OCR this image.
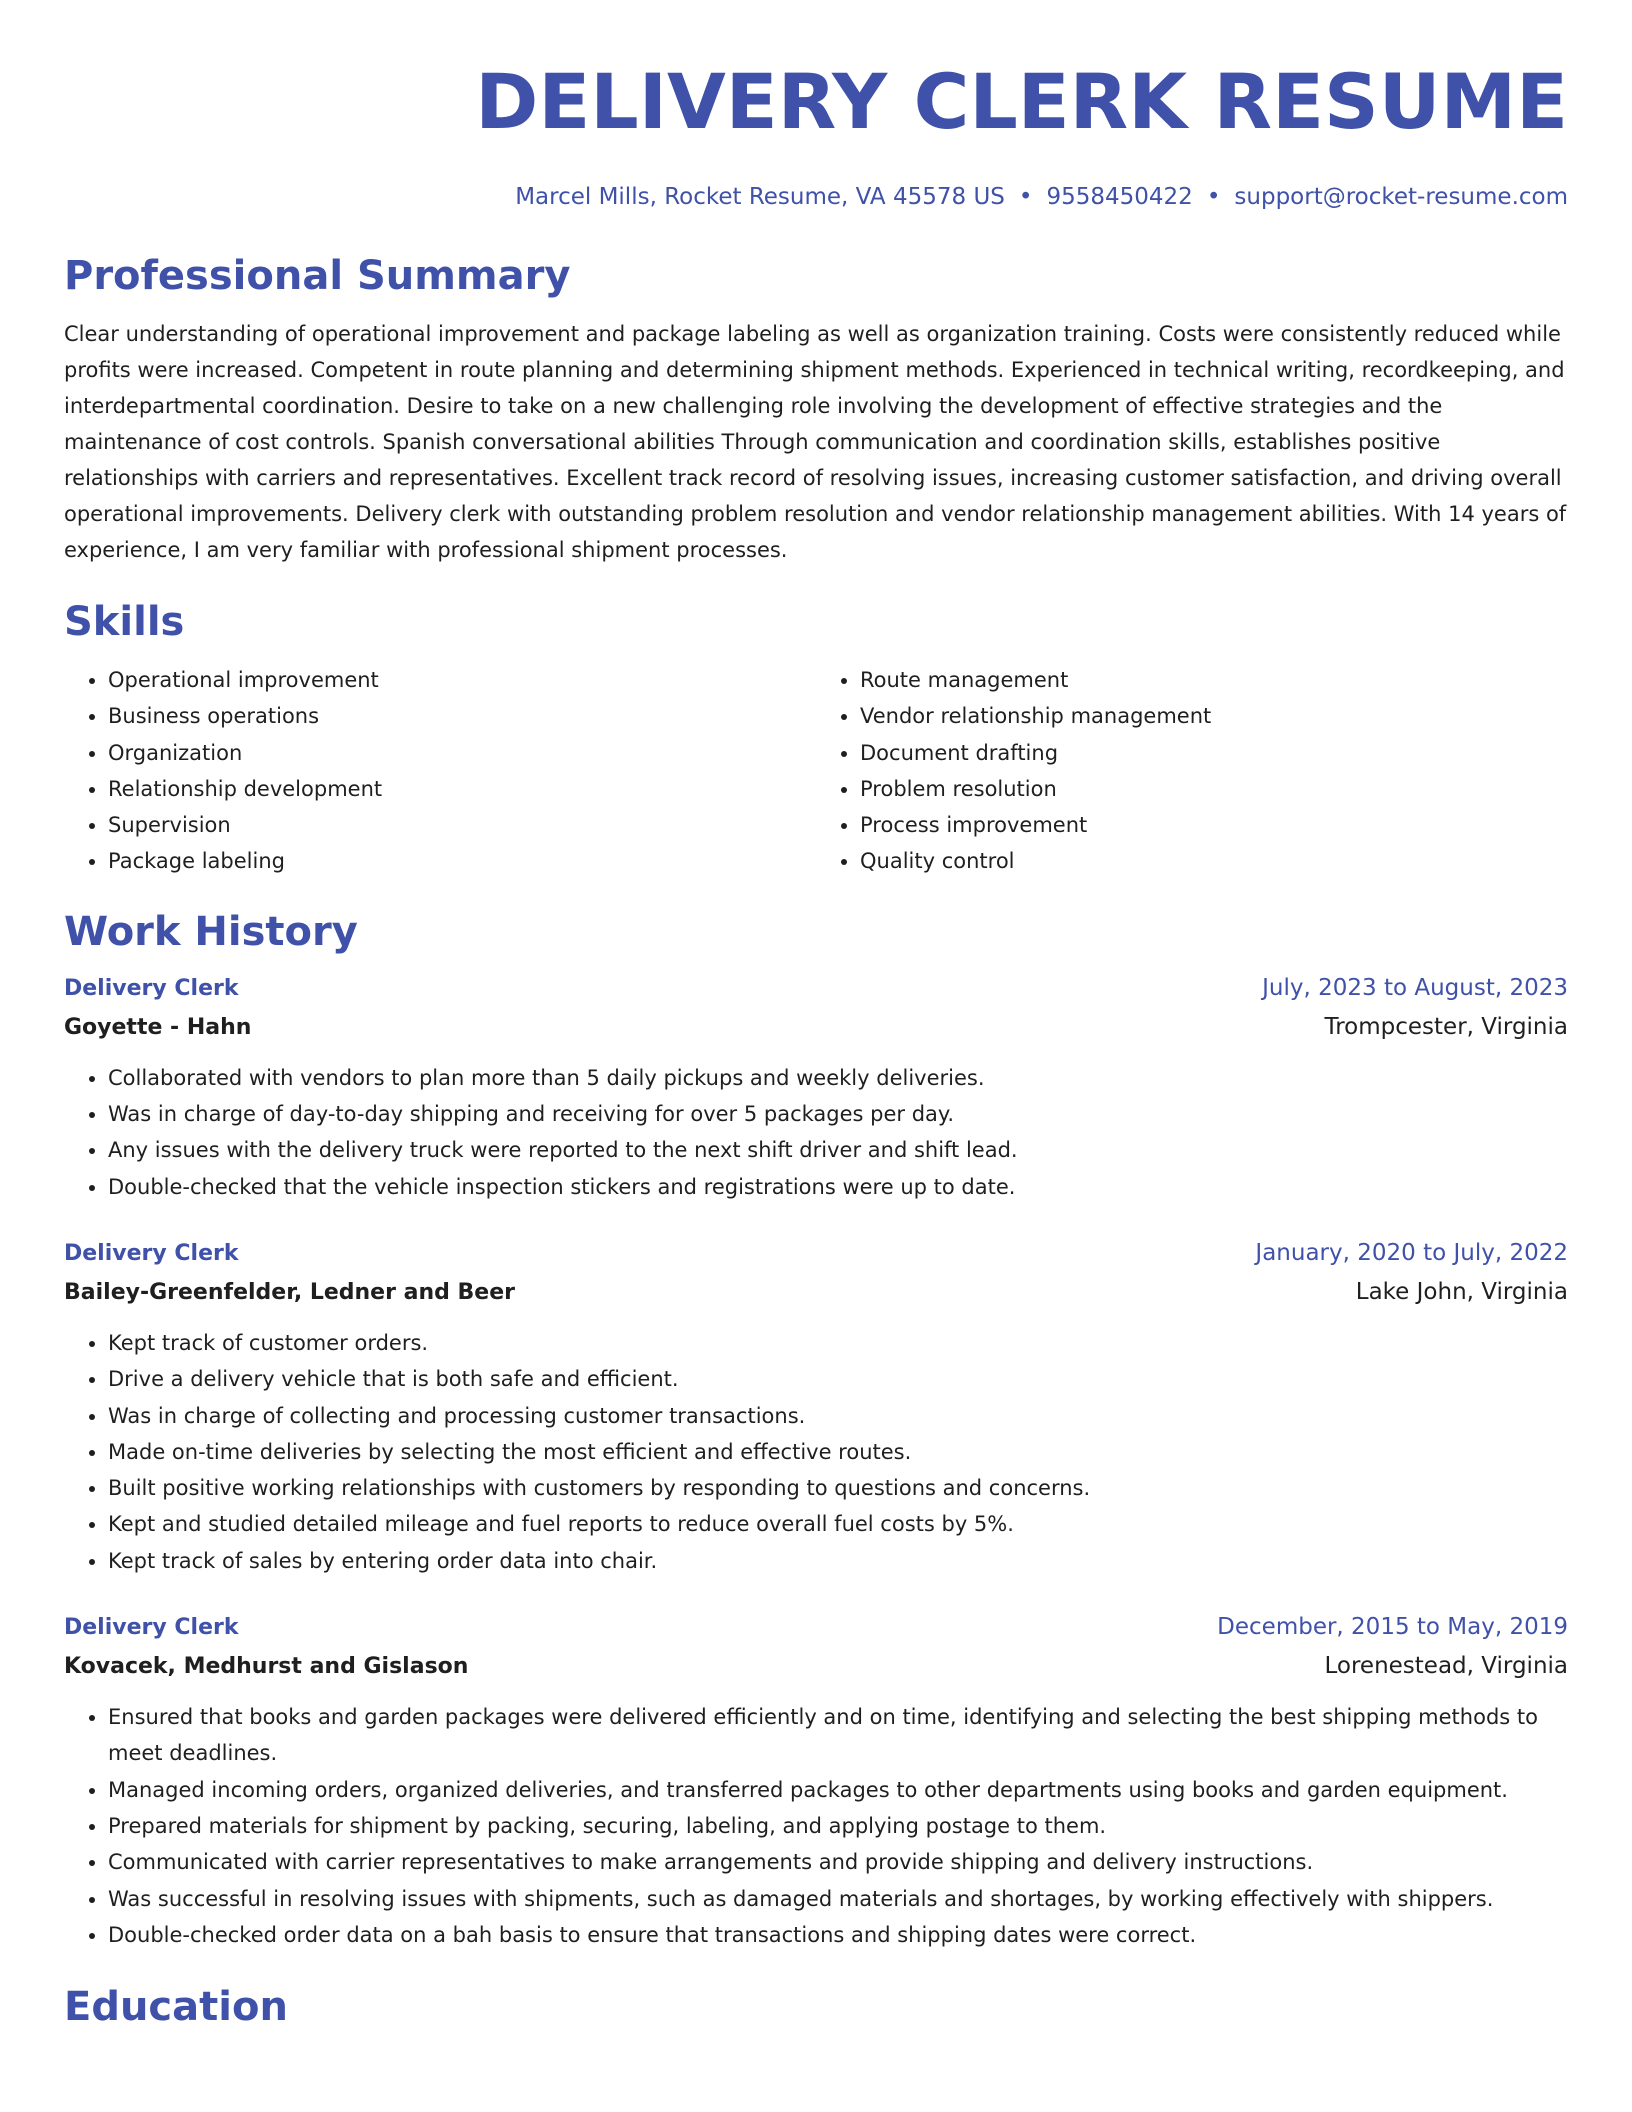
DELIVERY CLERK RESUME
Marcel Mills, Rocket Resume, VA 45578 US • 9558450422 • support@rocket-resume.com
Professional Summary

Clear understanding of operational improvement and package labeling as well as organization training. Costs were consistently reduced while profits were increased. Competent in route planning and determining shipment methods. Experienced in technical writing, recordkeeping, and interdepartmental coordination. Desire to take on a new challenging role involving the development of effective strategies and the maintenance of cost controls. Spanish conversational abilities Through communication and coordination skills, establishes positive relationships with carriers and representatives. Excellent track record of resolving issues, increasing customer satisfaction, and driving overall operational improvements. Delivery clerk with outstanding problem resolution and vendor relationship management abilities. With 14 years of experience, I am very familiar with professional shipment processes.

Skills
• Operational improvement
• Business operations
• Organization
• Relationship development
• Supervision
• Package labeling
• Route management
• Vendor relationship management
• Document drafting
• Problem resolution
• Process improvement
• Quality control
Work History
Delivery Clerk	July, 2023 to August, 2023
Goyette - Hahn	Trompcester, Virginia
• Collaborated with vendors to plan more than 5 daily pickups and weekly deliveries.
• Was in charge of day-to-day shipping and receiving for over 5 packages per day.
• Any issues with the delivery truck were reported to the next shift driver and shift lead.
• Double-checked that the vehicle inspection stickers and registrations were up to date.
Delivery Clerk	January, 2020 to July, 2022
Bailey-Greenfelder, Ledner and Beer	Lake John, Virginia
• Kept track of customer orders.
• Drive a delivery vehicle that is both safe and efficient.
• Was in charge of collecting and processing customer transactions.
• Made on-time deliveries by selecting the most efficient and effective routes.
• Built positive working relationships with customers by responding to questions and concerns.
• Kept and studied detailed mileage and fuel reports to reduce overall fuel costs by 5%.
• Kept track of sales by entering order data into chair.
Delivery Clerk	December, 2015 to May, 2019
Kovacek, Medhurst and Gislason	Lorenestead, Virginia
• Ensured that books and garden packages were delivered efficiently and on time, identifying and selecting the best shipping methods to meet deadlines.
• Managed incoming orders, organized deliveries, and transferred packages to other departments using books and garden equipment.
• Prepared materials for shipment by packing, securing, labeling, and applying postage to them.
• Communicated with carrier representatives to make arrangements and provide shipping and delivery instructions.
• Was successful in resolving issues with shipments, such as damaged materials and shortages, by working effectively with shippers.
• Double-checked order data on a bah basis to ensure that transactions and shipping dates were correct.
Education
